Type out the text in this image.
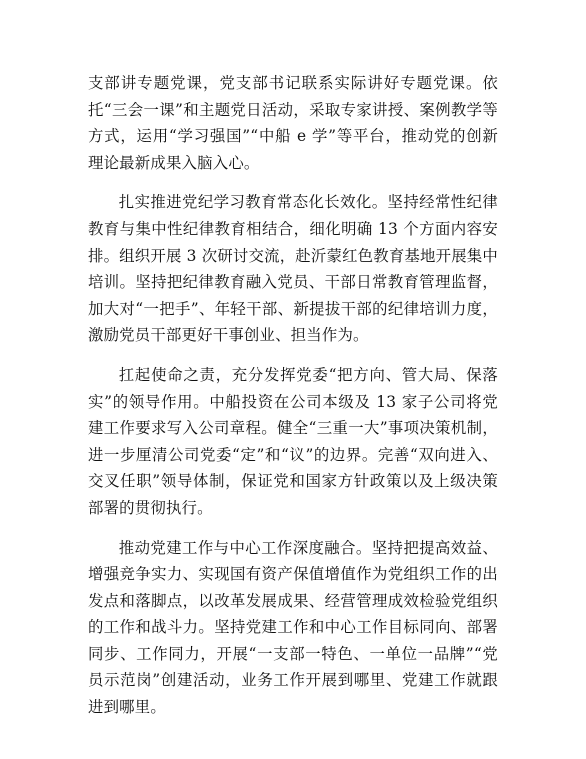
支部讲专题党课，党支部书记联系实际讲好专题党课。依托“三会一课”和主题党日活动，采取专家讲授、案例教学等方式，运用“学习强国”“中船 e 学”等平台，推动党的创新理论最新成果入脑入心。

扎实推进党纪学习教育常态化长效化。坚持经常性纪律教育与集中性纪律教育相结合，细化明确 13 个方面内容安排。组织开展 3 次研讨交流，赴沂蒙红色教育基地开展集中培训。坚持把纪律教育融入党员、干部日常教育管理监督，加大对“一把手”、年轻干部、新提拔干部的纪律培训力度，激励党员干部更好干事创业、担当作为。

扛起使命之责，充分发挥党委“把方向、管大局、保落实”的领导作用。中船投资在公司本级及 13 家子公司将党建工作要求写入公司章程。健全“三重一大”事项决策机制，进一步厘清公司党委“定”和“议”的边界。完善“双向进入、交叉任职”领导体制，保证党和国家方针政策以及上级决策部署的贯彻执行。

推动党建工作与中心工作深度融合。坚持把提高效益、增强竞争实力、实现国有资产保值增值作为党组织工作的出发点和落脚点，以改革发展成果、经营管理成效检验党组织的工作和战斗力。坚持党建工作和中心工作目标同向、部署同步、工作同力，开展“一支部一特色、一单位一品牌”“党员示范岗”创建活动，业务工作开展到哪里、党建工作就跟进到哪里。
